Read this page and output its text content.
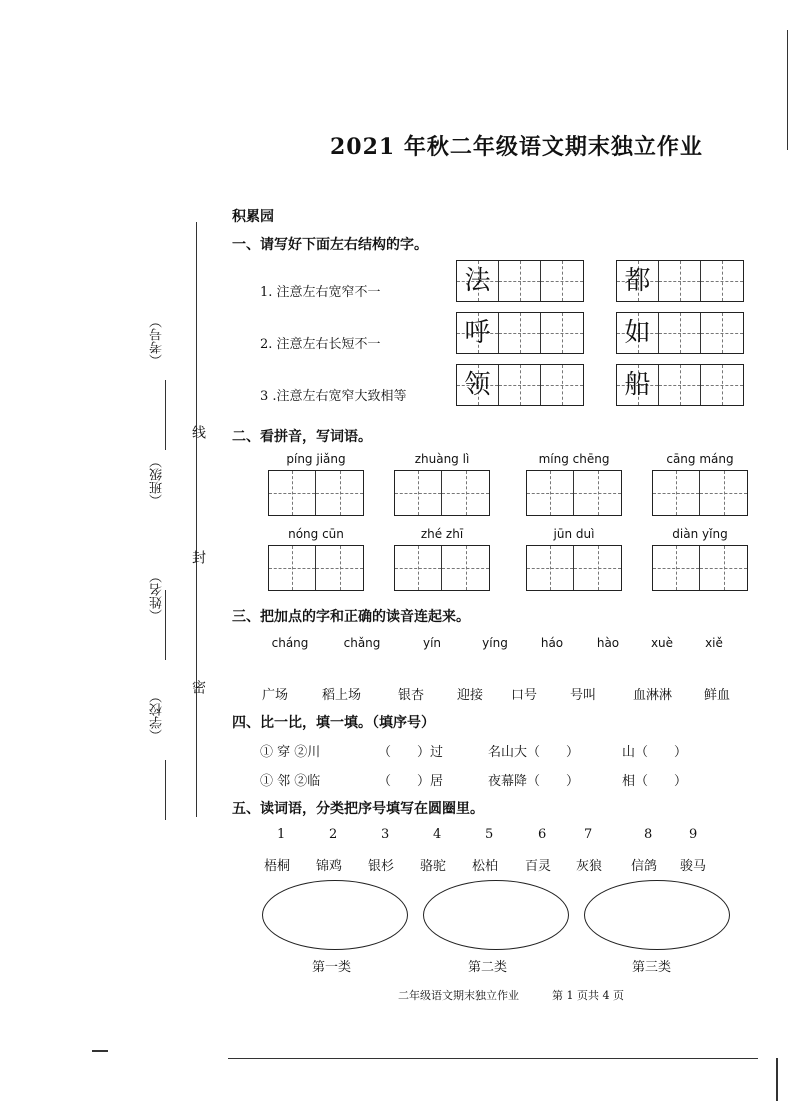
2021 年秋二年级语文期末独立作业
（学校）
（姓名）
（班级）
（考号）
密
封
线
积累园
一、请写好下面左右结构的字。
1. 注意左右宽窄不一	法	都
2. 注意左右长短不一	呼	如
3 .注意左右宽窄大致相等 领	船
二、看拼音，写词语。
píng jiǎng	zhuàng lì	míng chēng	cāng máng
nóng cūn	zhé zhī	jūn duì	diàn yǐng
三、把加点的字和正确的读音连起来。
cháng	chǎng	yín	yíng	háo	hào	xuè	xiě
广场	稻上场	银杏	迎接 口号	号叫	血淋淋 鲜血
四、比一比，填一填。（填序号）
① 穿 ②川	（　　）过	名山大（　　）	山（　　）
① 邻 ②临	（　　）居	夜幕降（　　）	相（　　）
五、读词语，分类把序号填写在圆圈里。
1	2	3	4	5	6	7	8	9
梧桐 锦鸡 银杉 骆驼 松柏 百灵 灰狼 信鸽 骏马
第一类	第二类	第三类
二年级语文期末独立作业	第 1 页共 4 页
